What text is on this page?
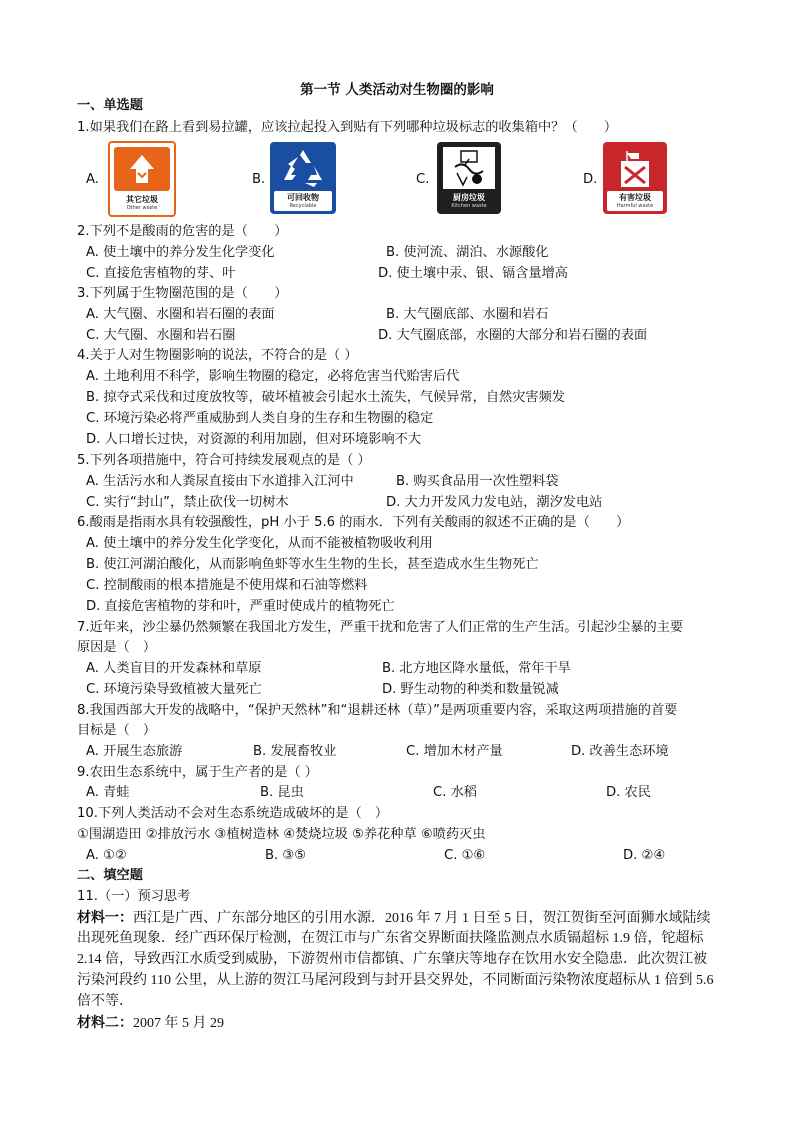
第一节 人类活动对生物圈的影响
一、单选题
1.如果我们在路上看到易拉罐，应该拉起投入到贴有下列哪种垃圾标志的收集箱中？（　　）
A.
其它垃圾
Other waste
B.
可回收物
Recyclable
C.
厨房垃圾
Kitchen waste
D.
有害垃圾
Harmful waste
2.下列不是酸雨的危害的是（　　）
A. 使土壤中的养分发生化学变化	B. 使河流、湖泊、水源酸化
C. 直接危害植物的芽、叶	D. 使土壤中汞、银、镉含量增高
3.下列属于生物圈范围的是（　　）
A. 大气圈、水圈和岩石圈的表面	B. 大气圈底部、水圈和岩石
C. 大气圈、水圈和岩石圈	D. 大气圈底部，水圈的大部分和岩石圈的表面
4.关于人对生物圈影响的说法，不符合的是（ ）
A. 土地利用不科学，影响生物圈的稳定，必将危害当代贻害后代
B. 掠夺式采伐和过度放牧等，破坏植被会引起水土流失，气候异常，自然灾害频发
C. 环境污染必将严重威胁到人类自身的生存和生物圈的稳定
D. 人口增长过快，对资源的利用加剧，但对环境影响不大
5.下列各项措施中，符合可持续发展观点的是（ ）
A. 生活污水和人粪尿直接由下水道排入江河中	B. 购买食品用一次性塑料袋
C. 实行“封山”，禁止砍伐一切树木	D. 大力开发风力发电站，潮汐发电站
6.酸雨是指雨水具有较强酸性，pH 小于 5.6 的雨水．下列有关酸雨的叙述不正确的是（　　）
A. 使土壤中的养分发生化学变化，从而不能被植物吸收利用
B. 使江河湖泊酸化，从而影响鱼虾等水生生物的生长，甚至造成水生生物死亡
C. 控制酸雨的根本措施是不使用煤和石油等燃料
D. 直接危害植物的芽和叶，严重时使成片的植物死亡
7.近年来，沙尘暴仍然频繁在我国北方发生，严重干扰和危害了人们正常的生产生活。引起沙尘暴的主要
原因是（　）
A. 人类盲目的开发森林和草原	B. 北方地区降水量低，常年干旱
C. 环境污染导致植被大量死亡	D. 野生动物的种类和数量锐减
8.我国西部大开发的战略中，“保护天然林”和“退耕还林（草）”是两项重要内容，采取这两项措施的首要
目标是（　）
A. 开展生态旅游	B. 发展畜牧业	C. 增加木材产量	D. 改善生态环境
9.农田生态系统中，属于生产者的是（ ）
A. 青蛙	B. 昆虫	C. 水稻	D. 农民
10.下列人类活动不会对生态系统造成破坏的是（　）
①围湖造田 ②排放污水 ③植树造林 ④焚烧垃圾 ⑤养花种草 ⑥喷药灭虫
A. ①②	B. ③⑤	C. ①⑥	D. ②④
二、填空题
11.（一）预习思考
材料一：西江是广西、广东部分地区的引用水源．2016 年 7 月 1 日至 5 日，贺江贺街至河面狮水域陆续
出现死鱼现象．经广西环保厅检测，在贺江市与广东省交界断面扶隆监测点水质镉超标 1.9 倍，铊超标
2.14 倍，导致西江水质受到威胁，下游贺州市信都镇、广东肇庆等地存在饮用水安全隐患．此次贺江被
污染河段约 110 公里，从上游的贺江马尾河段到与封开县交界处，不同断面污染物浓度超标从 1 倍到 5.6
倍不等．
材料二：2007 年 5 月 29
